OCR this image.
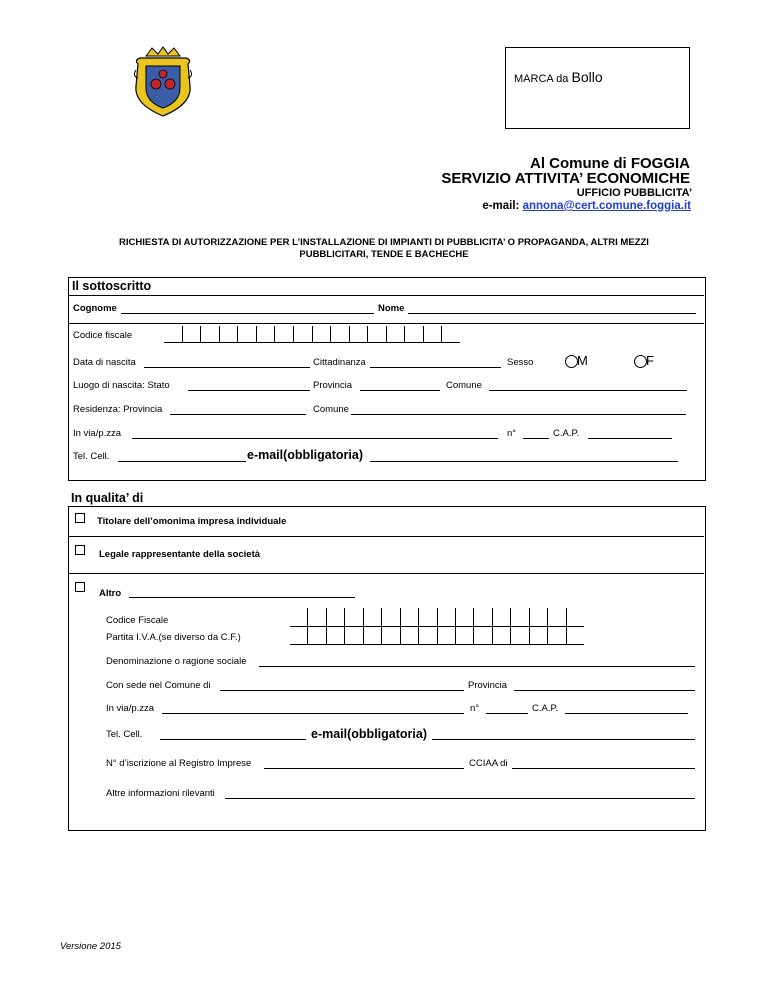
MARCA da Bollo
Al Comune di FOGGIA
SERVIZIO ATTIVITA’ ECONOMICHE
UFFICIO PUBBLICITA’
e-mail: annona@cert.comune.foggia.it
RICHIESTA DI AUTORIZZAZIONE PER L’INSTALLAZIONE DI IMPIANTI DI PUBBLICITA’ O PROPAGANDA, ALTRI MEZZI
PUBBLICITARI, TENDE E BACHECHE
Il sottoscritto
Cognome	Nome
Codice fiscale
Data di nascita	Cittadinanza	Sesso	M	F
Luogo di nascita: Stato	Provincia	Comune
Residenza: Provincia	Comune
In via/p.zza	n°	C.A.P.
Tel. Cell.	e-mail(obbligatoria)
In qualita’ di
Titolare dell’omonima impresa individuale
Legale rappresentante della società
Altro
Codice Fiscale
Partita I.V.A.(se diverso da C.F.)
Denominazione o ragione sociale
Con sede nel Comune di	Provincia
In via/p.zza	n°	C.A.P.
Tel. Cell.	e-mail(obbligatoria)
N° d’iscrizione al Registro Imprese	CCIAA di
Altre informazioni rilevanti
Versione 2015
